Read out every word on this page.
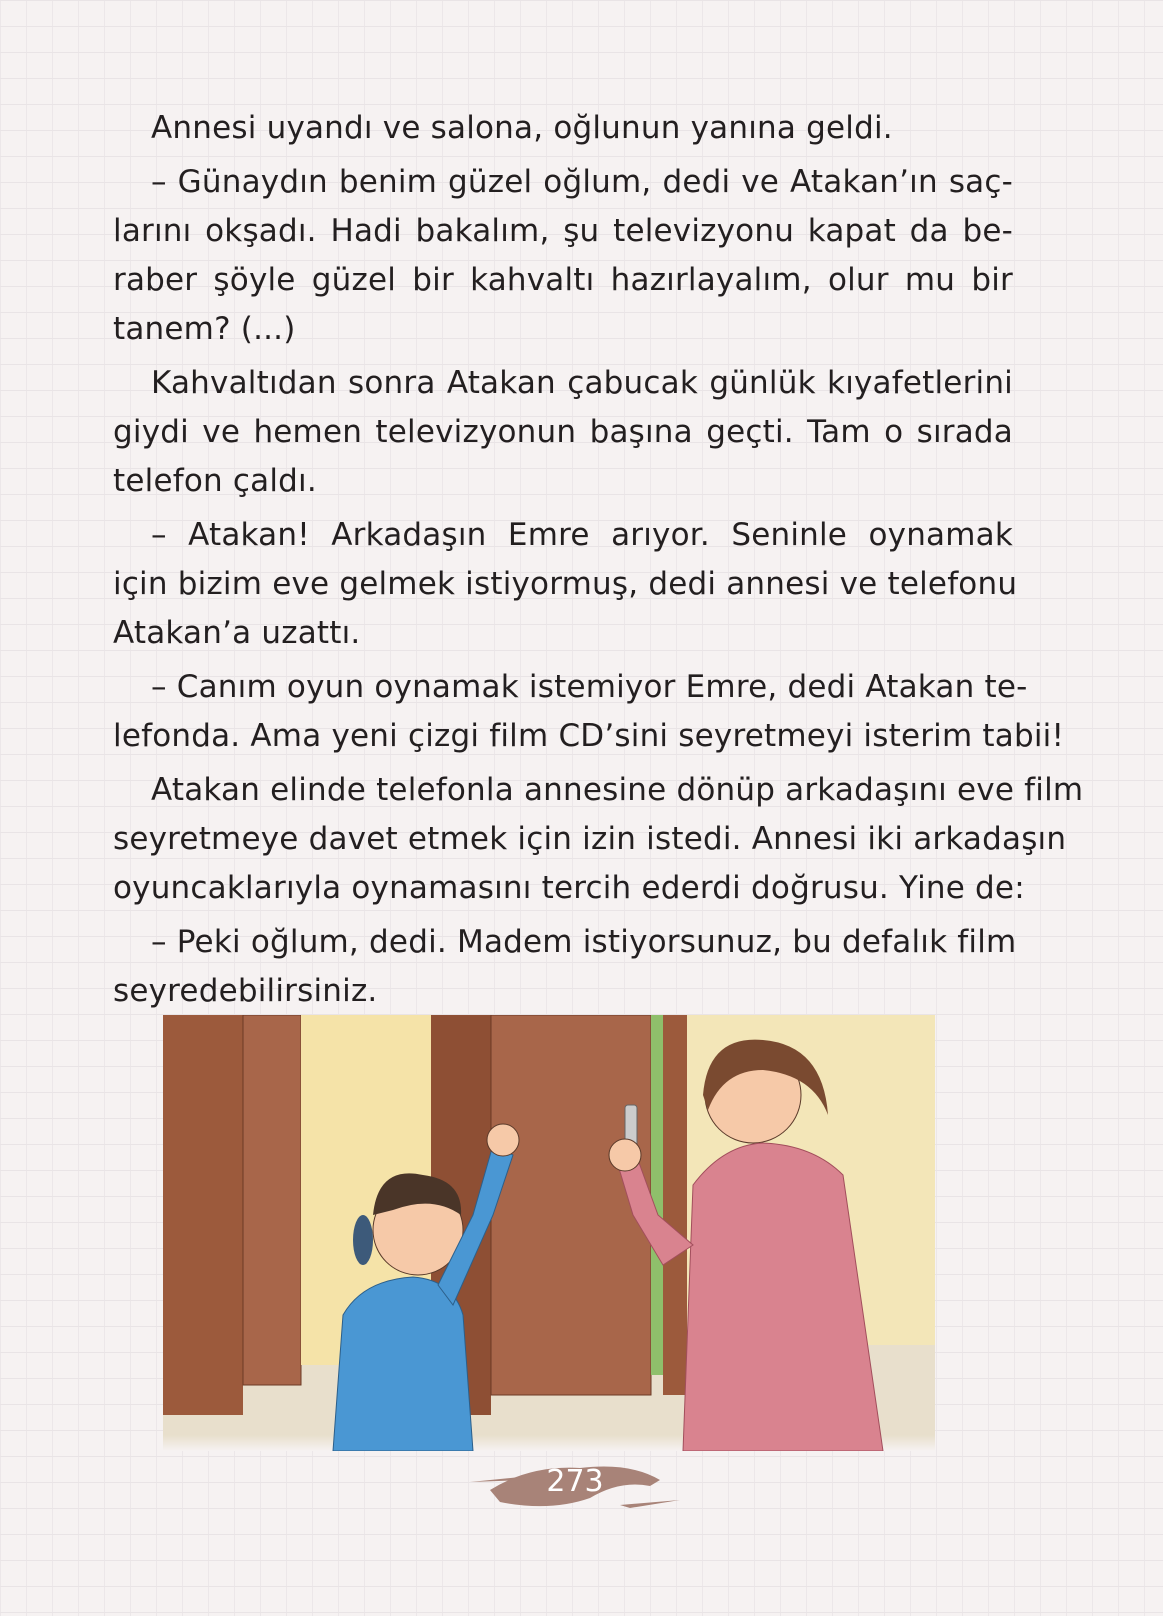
Annesi uyandı ve salona, oğlunun yanına geldi.
– Günaydın benim güzel oğlum, dedi ve Atakan’ın saç-
larını okşadı. Hadi bakalım, şu televizyonu kapat da be-
raber şöyle güzel bir kahvaltı hazırlayalım, olur mu bir
tanem? (...)
Kahvaltıdan sonra Atakan çabucak günlük kıyafetlerini
giydi ve hemen televizyonun başına geçti. Tam o sırada
telefon çaldı.
– Atakan! Arkadaşın Emre arıyor. Seninle oynamak
için bizim eve gelmek istiyormuş, dedi annesi ve telefonu
Atakan’a uzattı.
– Canım oyun oynamak istemiyor Emre, dedi Atakan te-
lefonda. Ama yeni çizgi film CD’sini seyretmeyi isterim tabii!
Atakan elinde telefonla annesine dönüp arkadaşını eve film
seyretmeye davet etmek için izin istedi. Annesi iki arkadaşın
oyuncaklarıyla oynamasını tercih ederdi doğrusu. Yine de:
– Peki oğlum, dedi. Madem istiyorsunuz, bu defalık film
seyredebilirsiniz.
273
